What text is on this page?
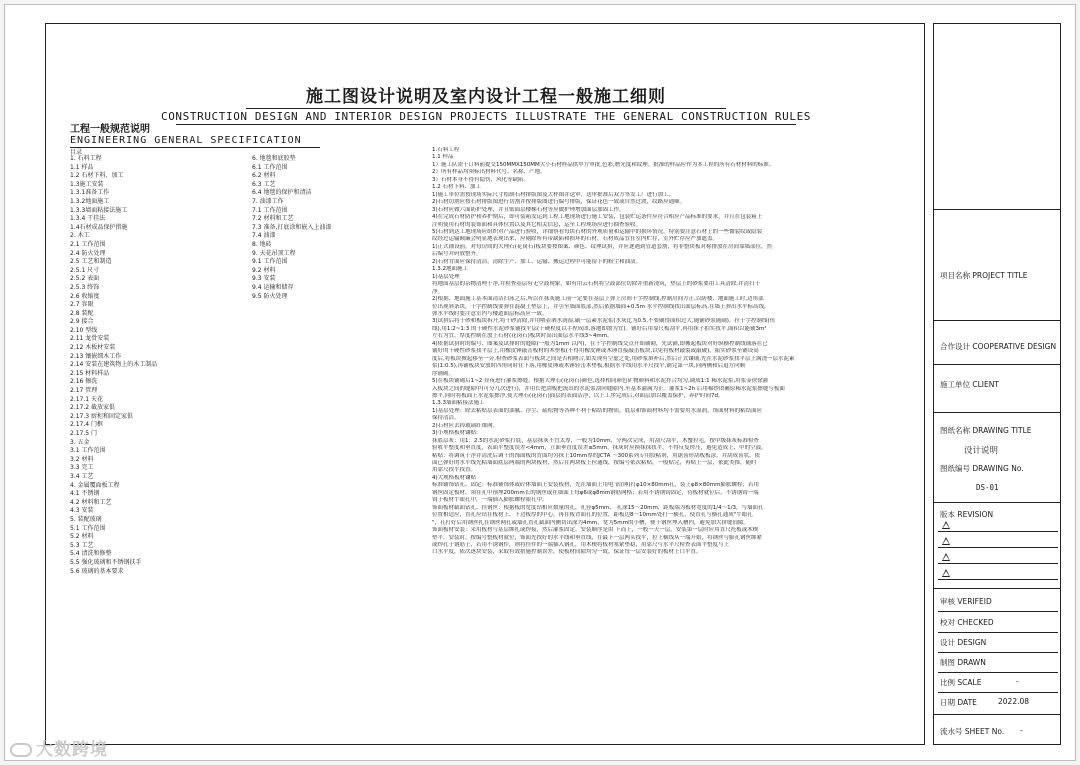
施工图设计说明及室内设计工程一般施工细则
CONSTRUCTION DESIGN AND INTERIOR DESIGN PROJECTS ILLUSTRATE THE GENERAL CONSTRUCTION RULES
工程一般规范说明
ENGINEERING GENERAL SPECIFICATION
目录
1. 石料工程
1.1 样品
1.2 石材下料、加工
1.3施工安装
1.3.1准备工作
1.3.2地面施工
1.3.3墙面粘接法施工
1.3.4 干挂法
1.4石材成品保护措施
2. 木工
2.1 工作范围
2.4 防火处理
2.5 工艺和制造
2.5.1 尺寸
2.5.2 表面
2.5.3 终饰
2.6 收缩度
2.7 容限
2.8 装配
2.9 接合
2.10 型线
2.11 龙骨安装
2.12 木板材安装
2.13 镶嵌细木工作
2.14 安装在建筑物上的木工制品
2.15 材料样品
2.16 擦洗
2.17 管理
2.17.1 天花
2.17.2 截放家俱
2.17.3 厨柜和固定家俱
2.17.4 门框
2.17.5 门
3. 五金
3.1 工作范围
3.2 材料
3.3 完工
3.4 工艺
4. 金属覆面板工程
4.1 不锈钢
4.2 材料和工艺
4.3 安装
5. 装配玻璃
5.1 工作范围
5.2 材料
5.3 工艺
5.4 清洗和修整
5.5 强化玻璃和不锈钢扶手
5.6 玻璃的基本要求
6. 地毯和底胶垫
6.1 工作范围
6.2 材料
6.3 工艺
6.4 地毯的保护和清洁
7. 油漆工作
7.1 工作范围
7.2 材料和工艺
7.3 准备,打底涂和嵌入上油漆
7.4 油漆
8. 地砖
9. 天花吊顶工程
9.1 工作范围
9.2 材料
9.3 安装
9.4 运输和储存
9.5 防火处理
1.石料工程
1.1 样品
1）施工队需于订料前提交150MMX150MM大小石材样品供甲方审批,色彩,磨光度和纹理。批准的样品应作为本工程的所有石材材料的标准。
2）所有样品均须标出材料代号、名称、产地。
3）石材本身不得有隐伤、风化等缺陷。
1.2 石材下料、加工
1)施工单位需按现场实际尺寸绘制石材排版图及大样图并送审，送审批准后双方签发工厂进行加工。
2)石材切割应按石材排版图进行切割并按排版图进行编号排版，保证花色一致或自然过渡，纹路应通顺。
3)石材应做六面防护处理，并且贴面层楼梯石材等应做护理增加面层加固工作。
4)在完成石材防护和养护期后，即可装箱发运到工程工地现场进行施工安装，包装贮运条件应符合相应产品标准的要求，并且在包装箱上
注明使用石材的装饰面和具体位置以及其它相关信息，运至工程现场应进行抽查验收。
5)石材到达工地现场应组织对产品进行验收，详细察看每块石材的外观质量和运输中的损坏情况，特别要注意石材上的一些微裂纹或隐裂
纹经过运输颠簸会明显地表现出来，应剔除所有带缺陷和损坏的石材，石材成品宜在室内贮存，室外贮存应严加遮盖。
1)正式铺设前，对每房间的大理石(花岗石)板块要按图案、颜色、纹理试拼，并应逐遇到管道套割，将非整块板对称排放在房间靠墙部位，然
后编号并码放整齐。
2)石材背面应保持清洁，清除生产、加工、运输、搬运过程中可能留下的粉尘和油渍。
1.3.2地面施工
1)基层处理
将地面基层的杂物清理干净,并检查基层有无空鼓现象，如有用云石机将空鼓部位切除并重新浇筑，垫层上的砂浆要用工具清除,并清扫干
净。
2)根据、地面施工基本面清洁扫泳之后,所以在抹灰施工前一定要在基层上弹上房间十字控制线,控制房间方正,以防楼、地面施工时,边角部
位出现斜条块，十字控制线要弹在混凝土垫层上，并引至墙面底部,然后依据墙面+0.5m 水平控制线找出面层标高,在墙上弹出水平标高线,
弹水平线时要注意室内与楼道面层标高应一致。
3)试拼后将干砂和板块拆开,将干砂清除,并用喂壶洒水润湿,刷一层素水泥浆(水灰比为0.5,不要刷得面积过大,随铺砂浆随刷)。拉十字控制线(鱼
线),用1:2~1:3 的干硬性水泥砂浆铺找平层(干硬程度以手捏成团,落地即散为宜)。铺好后用靠尺板刮平,再用抹子拍实找平,面积以能铺3m²
左右为宜。厚度控制在放上石材(花岗石)板块时高出面层水平线3~4mm。
4)依据试拼时的编号、图案及试排时的缝隙(一般为1mm 以内)，在十字控制线交点开始铺砌，先试铺,即搬起板块对好纵横控制线铺落在已
铺好的干硬性砂浆找平层上,用橡皮锤敲击板材的木垫板(不得用橡皮锤或木锤直接敲击板块,以免将板材敲裂或敲破)，振实砂浆至铺设高
度后,将板块掀起移至一旁,检查砂浆表面与板块之间是否相吻合,如发现有空虚之处,用砂浆填补后,然后正式镶铺,先在水泥砂浆找平层上满浇一层水泥素
浆(1:0.5),再铺板块安放时四角同时往下落,用橡皮锤或木锤轻击木垫板,根据水平线用水平尺找平,铺完第一块,向两侧和后退方向顺
序铺砌。
5)在板块铺砌后1~2 昼夜进行灌浆擦缝。根据大理石(花岗石)颜色,选择相同颜色矿物颜料和水泥拌合均匀,调成1:1 稀水泥浆,用浆壶徐徐灌
入板块之间的缝隙中(可分几次进行)，并用长把刮板把流出的水泥浆刮向缝隙内,至基本灌满为止。灌浆1~2h 后用棉纱团蘸原稀水泥浆擦缝与板面
擦平,同时将板面上水泥浆擦净,使大理石(花岗石)面层的表面洁净，以上工序完成后,对面层加以覆盖保护，养护时间7d。
1.3.3墙面粘接法施工
1)基层处理：除去粘贴层表面的油腻、浮尘、疏松物等各种不利于粘结的物质，底层和饰面材料均不需要用水湿润，饰面材料的粘结面应
保持清洁。
2)石材应去掉玻璃纤维网。
3)小规格板材镶贴:
抹底层灰：用1：2.5的水泥砂浆打底，基层抹灰不宜太厚，一般为10mm，分两次完成，用刮尺刮平，木蟹拉毛，按中级抹灰标准检查
验收平整度和垂直度，表面平整度误差<4mm，立面垂直度误差≤5mm，抹灰时应换抹抹找平，不得反复搓压，避免造成上、中的空鼓。
粘贴：将调筑于净并清洗后调干的饰面板的背面均匀抹上10mm厚的JCTA ～300系列专用胶粘剂，用锯齿形刮板板涂，并刮成齿状，依
面已弹好的水平线先粘墙面底层两端的两块板材，然后在两块板上拉通线，按编号依次粘贴，一般贴完，再贴上一层，依此类推，随时
用靠尺找平找直。
4)大规格板材镶贴
标准铺饰钻孔、固定：标准铺饰体或砼体墙面上安装板材，先在墙面上用电 钻(锤)打φ10×80mm孔，装上φ8×80mm膨胀螺栓；若用
钢丝固定板材，须在孔中预埋200mm长的钢丝或在墙面上每φ6或φ8mm钢筋网格；若用不锈钢钩固定，待板材就位后，不锈钢钩一端
钩于板材牛眼孔中，一端插入膨胀螺栓眼孔中。
饰面板材截面钻孔、挂钢丝：根据板的宽度钻相应数量的孔，孔径φ5mm， 孔深15～20mm，距板端为板材宽度的1/4～1/3，与墙面孔
位置相适应，直孔应钻在板材上、下边板厚的中心，再在板背面孔的位置，距板边8～10mm处打一横孔，使直孔与横孔通成"牛眼孔
"，孔打好后用钢丝扎在钢丝网孔或墙孔直孔截面内侧切出深为4mm，宽为5mm的小槽，便于钢丝埋入槽内，避免加大拼缝间隙。
饰面板材安装：采用板材与基层绑扎或焊接，然后灌浆固定。安装顺序是由 下而上，一般一天一层，安装第一层时应用直尺托板或木楔
垫平，安装时，按编号整板材就位，饰面先找好的水平线和垂直线，在最下一层两头找平，拉上横线从一端开始，将钢丝与膨孔钢丝绑紧
或焊孔于钢筋上，若用不锈钢件，则将挂件的一端插入钢孔，用木楔将板材塞紧垫稳，用靠尺与水平尺检查表面平整度与上
口水平度，依次逐块安装，采取有效措施控制误差，使板材间隙均匀一致，保证每一层安装好的板材上口平直。
项目名称 PROJECT TITLE
合作设计 COOPERATIVE DESIGN
施工单位 CLIENT
图纸名称 DRAWING TITLE
设计说明
图纸编号 DRAWING No.
DS-01
版本 REVISION
审核 VERIFEID
校对 CHECKED
设计 DESIGN
制图 DRAWN
比例 SCALE	-
日期 DATE	2022.08
流水号 SHEET No. -
大数跨境
